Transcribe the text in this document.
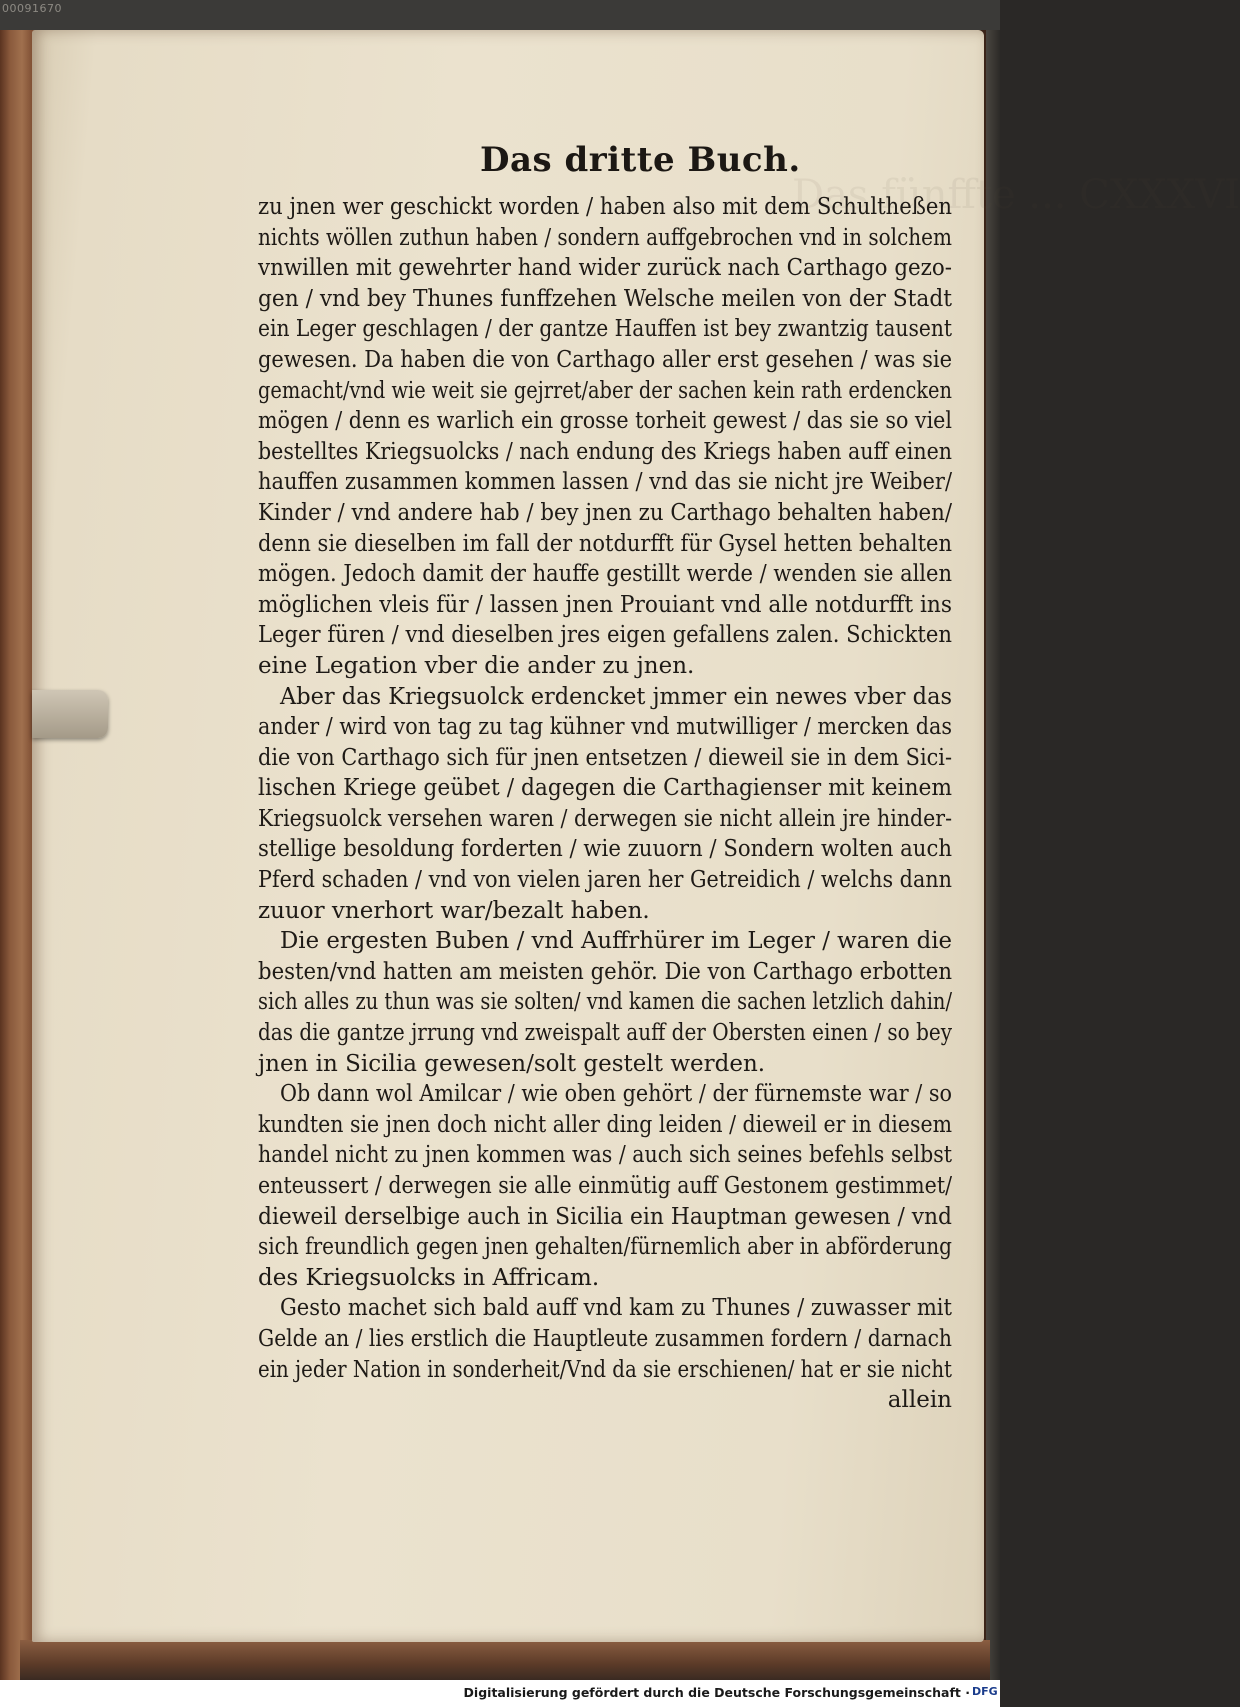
00091670
Das fünffte ... CXXXVI
Das dritte Buch.
zu jnen wer geschickt worden / haben also mit dem Schultheßen
nichts wöllen zuthun haben / sondern auffgebrochen vnd in solchem
vnwillen mit gewehrter hand wider zurück nach Carthago gezo-
gen / vnd bey Thunes funffzehen Welsche meilen von der Stadt
ein Leger geschlagen / der gantze Hauffen ist bey zwantzig tausent
gewesen. Da haben die von Carthago aller erst gesehen / was sie
gemacht/vnd wie weit sie gejrret/aber der sachen kein rath erdencken
mögen / denn es warlich ein grosse torheit gewest / das sie so viel
bestelltes Kriegsuolcks / nach endung des Kriegs haben auff einen
hauffen zusammen kommen lassen / vnd das sie nicht jre Weiber/
Kinder / vnd andere hab / bey jnen zu Carthago behalten haben/
denn sie dieselben im fall der notdurfft für Gysel hetten behalten
mögen. Jedoch damit der hauffe gestillt werde / wenden sie allen
möglichen vleis für / lassen jnen Prouiant vnd alle notdurfft ins
Leger füren / vnd dieselben jres eigen gefallens zalen. Schickten
eine Legation vber die ander zu jnen.
Aber das Kriegsuolck erdencket jmmer ein newes vber das
ander / wird von tag zu tag kühner vnd mutwilliger / mercken das
die von Carthago sich für jnen entsetzen / dieweil sie in dem Sici-
lischen Kriege geübet / dagegen die Carthagienser mit keinem
Kriegsuolck versehen waren / derwegen sie nicht allein jre hinder-
stellige besoldung forderten / wie zuuorn / Sondern wolten auch
Pferd schaden / vnd von vielen jaren her Getreidich / welchs dann
zuuor vnerhort war/bezalt haben.
Die ergesten Buben / vnd Auffrhürer im Leger / waren die
besten/vnd hatten am meisten gehör. Die von Carthago erbotten
sich alles zu thun was sie solten/ vnd kamen die sachen letzlich dahin/
das die gantze jrrung vnd zweispalt auff der Obersten einen / so bey
jnen in Sicilia gewesen/solt gestelt werden.
Ob dann wol Amilcar / wie oben gehört / der fürnemste war / so
kundten sie jnen doch nicht aller ding leiden / dieweil er in diesem
handel nicht zu jnen kommen was / auch sich seines befehls selbst
enteussert / derwegen sie alle einmütig auff Gestonem gestimmet/
dieweil derselbige auch in Sicilia ein Hauptman gewesen / vnd
sich freundlich gegen jnen gehalten/fürnemlich aber in abförderung
des Kriegsuolcks in Affricam.
Gesto machet sich bald auff vnd kam zu Thunes / zuwasser mit
Gelde an / lies erstlich die Hauptleute zusammen fordern / darnach
ein jeder Nation in sonderheit/Vnd da sie erschienen/ hat er sie nicht
allein
Digitalisierung gefördert durch die Deutsche Forschungsgemeinschaft · DFG
